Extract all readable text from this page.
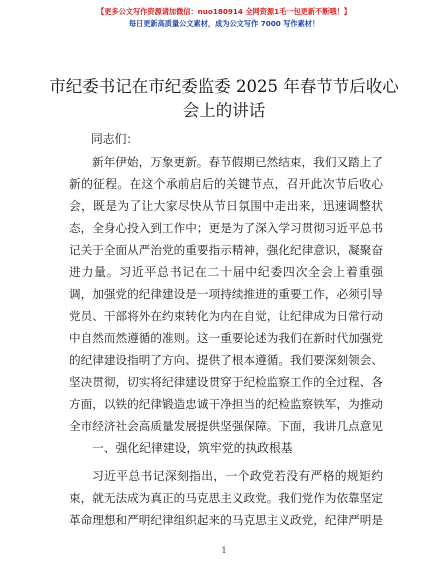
【更多公文写作资源请加微信：nuo180914 全网资源1毛一包更新不断哦！】
每日更新高质量公文素材，成为公文写作 7000 写作素材！
市纪委书记在市纪委监委 2025 年春节节后收心
会上的讲话
同志们：
新年伊始，万象更新。春节假期已然结束，我们又踏上了
新的征程。在这个承前启后的关键节点，召开此次节后收心
会，既是为了让大家尽快从节日氛围中走出来，迅速调整状
态，全身心投入到工作中；更是为了深入学习贯彻习近平总书
记关于全面从严治党的重要指示精神，强化纪律意识，凝聚奋
进力量。习近平总书记在二十届中纪委四次全会上着重强
调，加强党的纪律建设是一项持续推进的重要工作，必须引导
党员、干部将外在约束转化为内在自觉，让纪律成为日常行动
中自然而然遵循的准则。这一重要论述为我们在新时代加强党
的纪律建设指明了方向、提供了根本遵循。我们要深刻领会、
坚决贯彻，切实将纪律建设贯穿于纪检监察工作的全过程、各
方面，以铁的纪律锻造忠诚干净担当的纪检监察铁军，为推动
全市经济社会高质量发展提供坚强保障。下面，我讲几点意见
一、强化纪律建设，筑牢党的执政根基
习近平总书记深刻指出，一个政党若没有严格的规矩约
束，就无法成为真正的马克思主义政党。我们党作为依靠坚定
革命理想和严明纪律组织起来的马克思主义政党，纪律严明是
1
